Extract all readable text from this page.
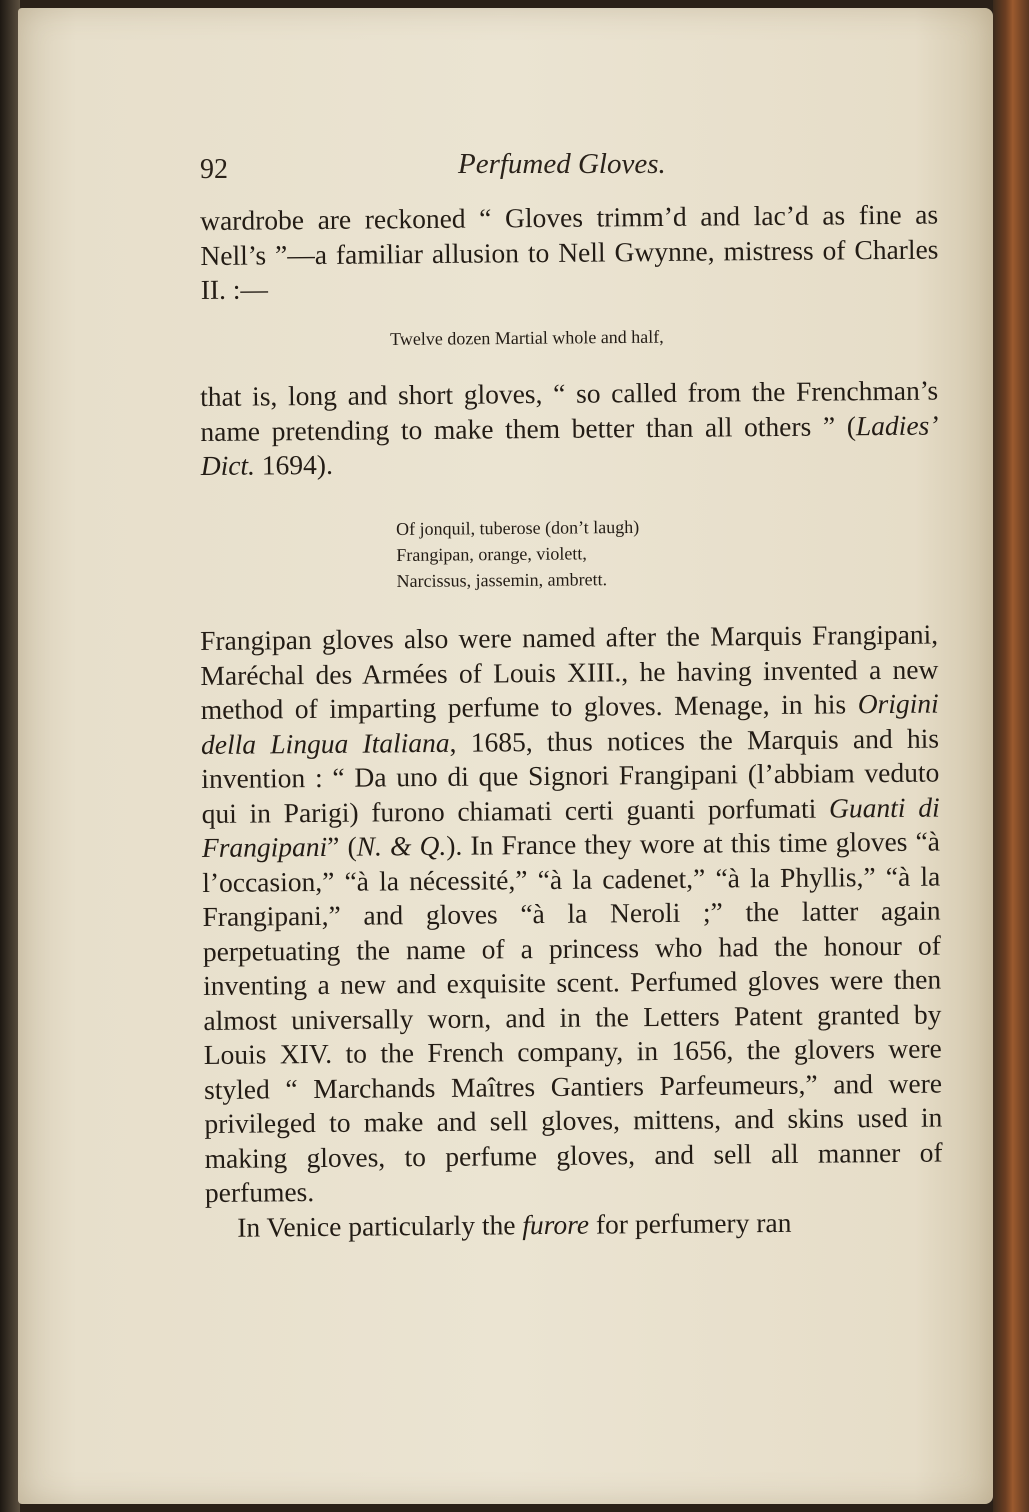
92	Perfumed Gloves.

wardrobe are reckoned “ Gloves trimm’d and lac’d as fine as Nell’s ”—a familiar allusion to Nell Gwynne, mistress of Charles II. :—

Twelve dozen Martial whole and half,

that is, long and short gloves, “ so called from the Frenchman’s name pretending to make them better than all others ” (Ladies’ Dict. 1694).

Of jonquil, tuberose (don’t laugh)
Frangipan, orange, violett,
Narcissus, jassemin, ambrett.

Frangipan gloves also were named after the Marquis Frangipani, Maréchal des Armées of Louis XIII., he having invented a new method of imparting perfume to gloves. Menage, in his Origini della Lingua Italiana, 1685, thus notices the Marquis and his invention : “ Da uno di que Signori Frangipani (l’abbiam veduto qui in Parigi) furono chiamati certi guanti porfumati Guanti di Frangipani” (N. & Q.). In France they wore at this time gloves “à l’occasion,” “à la nécessité,” “à la cadenet,” “à la Phyllis,” “à la Frangipani,” and gloves “à la Neroli ;” the latter again perpetuating the name of a princess who had the honour of inventing a new and exquisite scent. Perfumed gloves were then almost universally worn, and in the Letters Patent granted by Louis XIV. to the French company, in 1656, the glovers were styled “ Marchands Maîtres Gantiers Parfeumeurs,” and were privileged to make and sell gloves, mittens, and skins used in making gloves, to perfume gloves, and sell all manner of perfumes.

In Venice particularly the furore for perfumery ran
